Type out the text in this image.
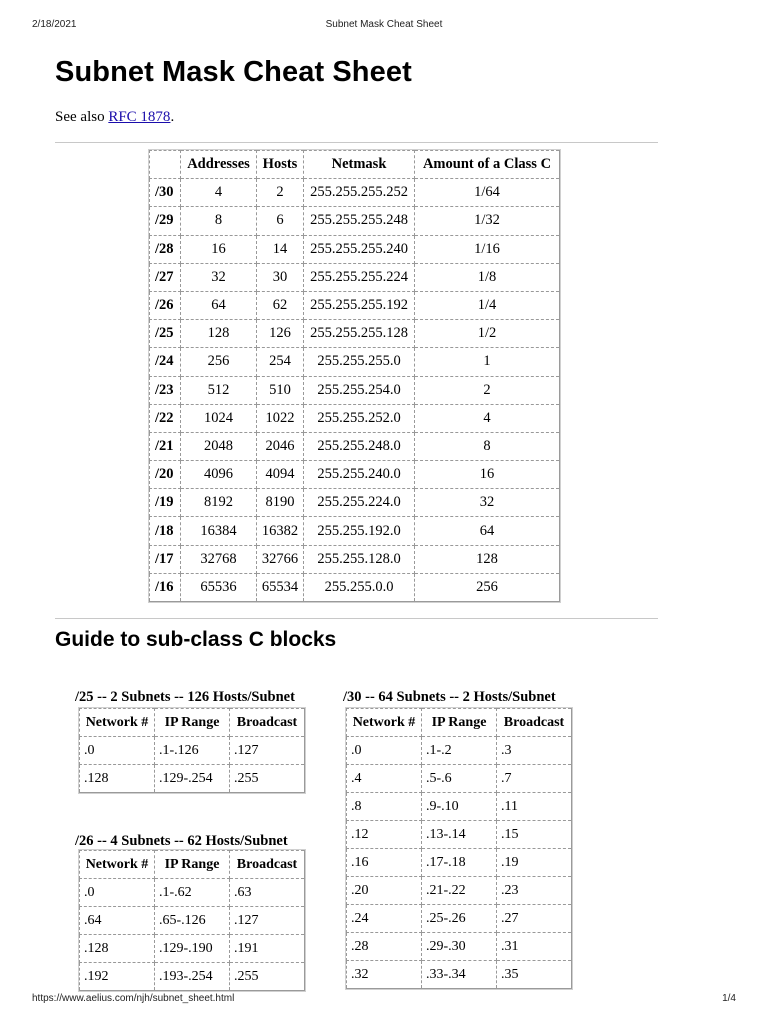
2/18/2021	Subnet Mask Cheat Sheet
Subnet Mask Cheat Sheet
See also RFC 1878.
	Addresses	Hosts	Netmask	Amount of a Class C
/30	4	2	255.255.255.252	1/64
/29	8	6	255.255.255.248	1/32
/28	16	14	255.255.255.240	1/16
/27	32	30	255.255.255.224	1/8
/26	64	62	255.255.255.192	1/4
/25	128	126	255.255.255.128	1/2
/24	256	254	255.255.255.0	1
/23	512	510	255.255.254.0	2
/22	1024	1022	255.255.252.0	4
/21	2048	2046	255.255.248.0	8
/20	4096	4094	255.255.240.0	16
/19	8192	8190	255.255.224.0	32
/18	16384	16382	255.255.192.0	64
/17	32768	32766	255.255.128.0	128
/16	65536	65534	255.255.0.0	256
Guide to sub-class C blocks
/25 -- 2 Subnets -- 126 Hosts/Subnet
Network #	IP Range	Broadcast
.0	.1-.126	.127
.128	.129-.254	.255
/26 -- 4 Subnets -- 62 Hosts/Subnet
Network #	IP Range	Broadcast
.0	.1-.62	.63
.64	.65-.126	.127
.128	.129-.190	.191
.192	.193-.254	.255
/30 -- 64 Subnets -- 2 Hosts/Subnet
Network #	IP Range	Broadcast
.0	.1-.2	.3
.4	.5-.6	.7
.8	.9-.10	.11
.12	.13-.14	.15
.16	.17-.18	.19
.20	.21-.22	.23
.24	.25-.26	.27
.28	.29-.30	.31
.32	.33-.34	.35
https://www.aelius.com/njh/subnet_sheet.html	1/4
